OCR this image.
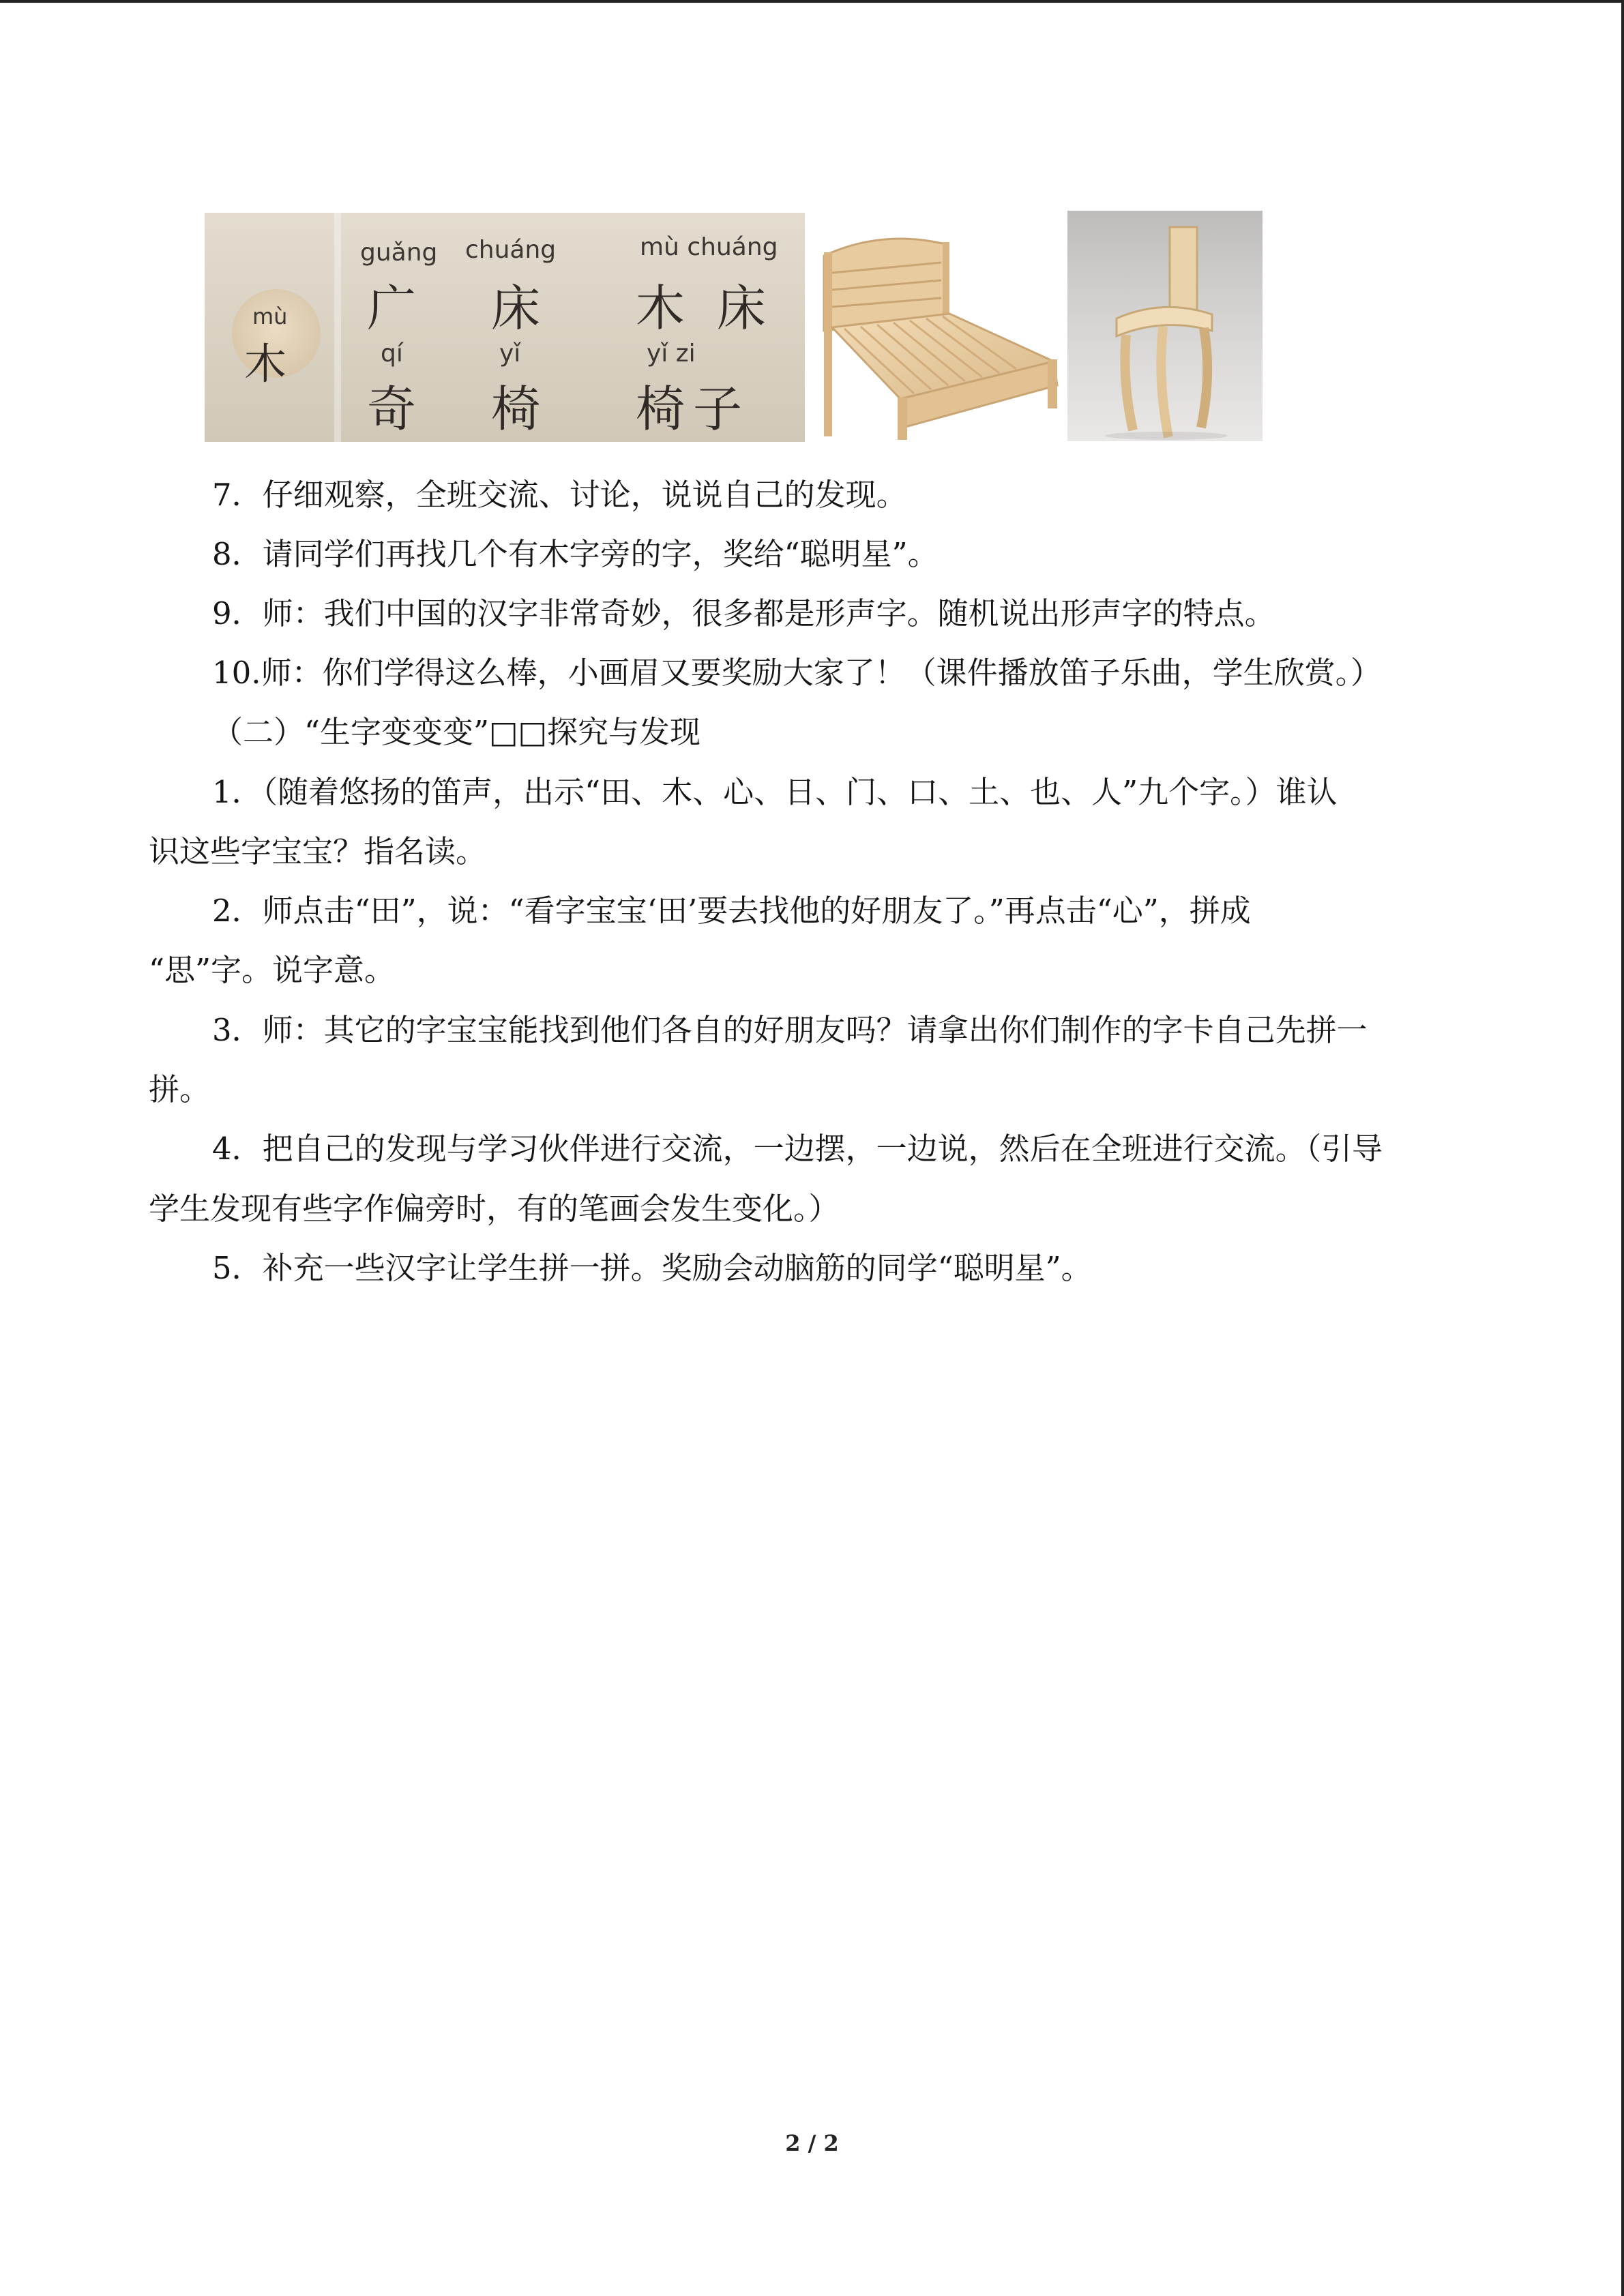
mù
木
guǎng chuáng	mù chuáng
广 床 木 床
qí	yǐ	yǐ zi
奇 椅 椅子
7．仔细观察，全班交流、讨论，说说自己的发现。
8．请同学们再找几个有木字旁的字，奖给“聪明星”。
9．师：我们中国的汉字非常奇妙，很多都是形声字。随机说出形声字的特点。
10.师：你们学得这么棒，小画眉又要奖励大家了！（课件播放笛子乐曲，学生欣赏。）
（二）“生字变变变”□□探究与发现
1．（随着悠扬的笛声，出示“田、木、心、日、门、口、土、也、人”九个字。）谁认
识这些字宝宝？指名读。
2．师点击“田”，说：“看字宝宝‘田’要去找他的好朋友了。”再点击“心”，拼成
“思”字。说字意。
3．师：其它的字宝宝能找到他们各自的好朋友吗？请拿出你们制作的字卡自己先拼一
拼。
4．把自己的发现与学习伙伴进行交流，一边摆，一边说，然后在全班进行交流。（引导
学生发现有些字作偏旁时，有的笔画会发生变化。）
5．补充一些汉字让学生拼一拼。奖励会动脑筋的同学“聪明星”。
2 / 2
